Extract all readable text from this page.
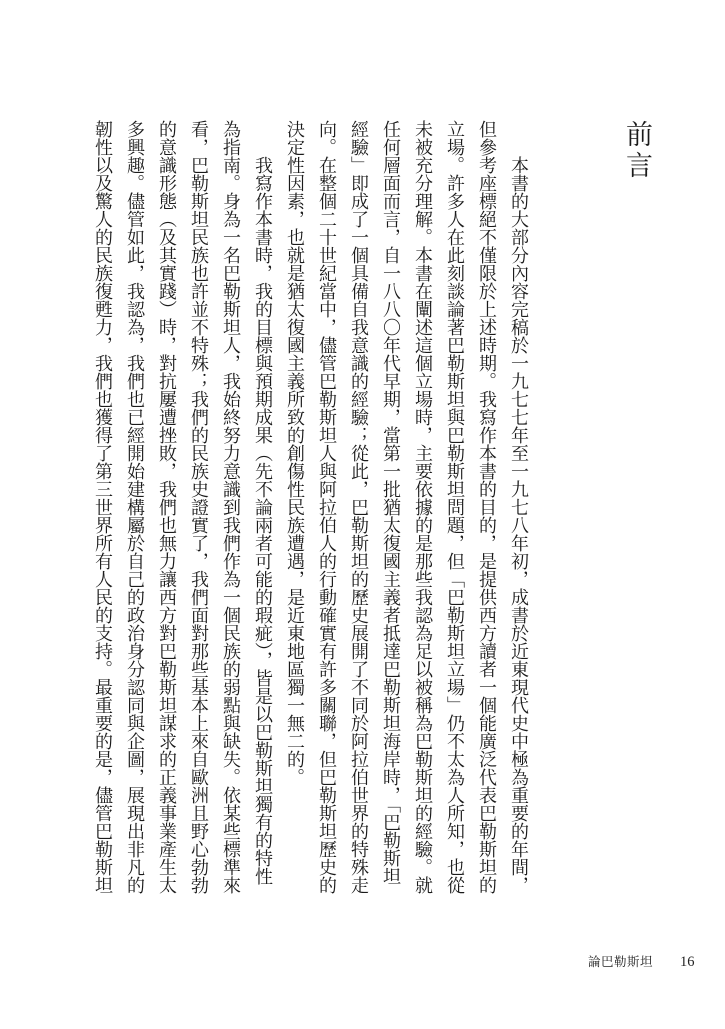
前言

本書的大部分內容完稿於一九七七年至一九七八年初，成書於近東現代史中極為重要的年間，但參考座標絕不僅限於上述時期。我寫作本書的目的，是提供西方讀者一個能廣泛代表巴勒斯坦的立場。許多人在此刻談論著巴勒斯坦與巴勒斯坦問題，但「巴勒斯坦立場」仍不太為人所知，也從未被充分理解。本書在闡述這個立場時，主要依據的是那些我認為足以被稱為巴勒斯坦的經驗。就任何層面而言，自一八八〇年代早期，當第一批猶太復國主義者抵達巴勒斯坦海岸時，「巴勒斯坦經驗」即成了一個具備自我意識的經驗；從此，巴勒斯坦的歷史展開了不同於阿拉伯世界的特殊走向。在整個二十世紀當中，儘管巴勒斯坦人與阿拉伯人的行動確實有許多關聯，但巴勒斯坦歷史的決定性因素，也就是猶太復國主義所致的創傷性民族遭遇，是近東地區獨一無二的。

我寫作本書時，我的目標與預期成果（先不論兩者可能的瑕疵），皆是以巴勒斯坦獨有的特性為指南。身為一名巴勒斯坦人，我始終努力意識到我們作為一個民族的弱點與缺失。依某些標準來看，巴勒斯坦民族也許並不特殊；我們的民族史證實了，我們面對那些基本上來自歐洲且野心勃勃的意識形態（及其實踐）時，對抗屢遭挫敗，我們也無力讓西方對巴勒斯坦謀求的正義事業產生太多興趣。儘管如此，我認為，我們也已經開始建構屬於自己的政治身分認同與企圖，展現出非凡的韌性以及驚人的民族復甦力，我們也獲得了第三世界所有人民的支持。最重要的是，儘管巴勒斯坦

論巴勒斯坦 16
